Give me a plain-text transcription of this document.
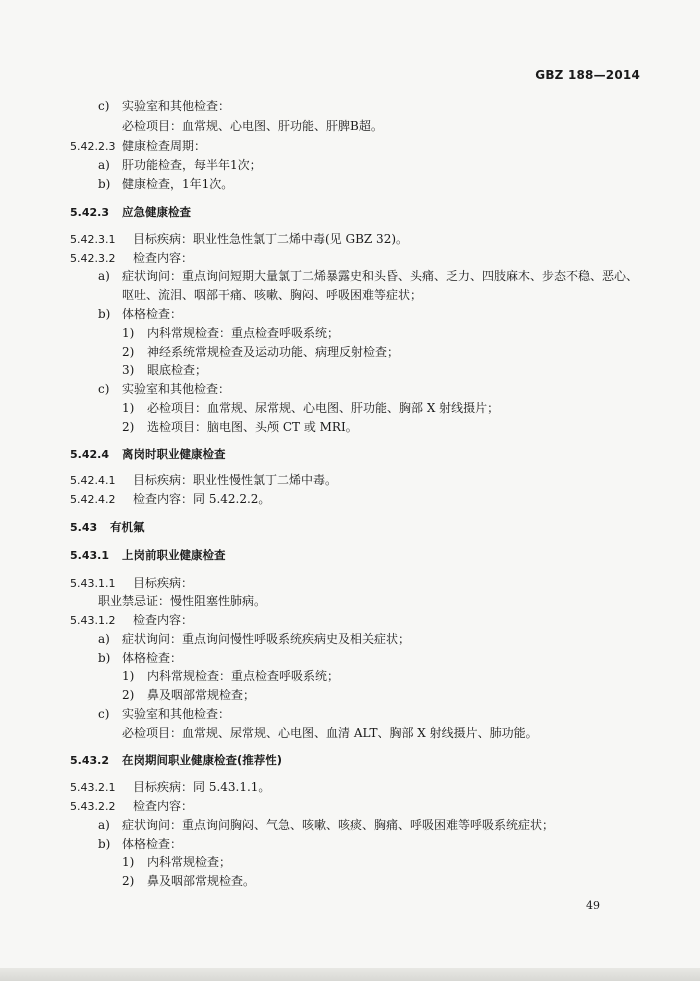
GBZ 188—2014
c) 实验室和其他检查：
必检项目：血常规、心电图、肝功能、肝脾B超。
5.42.2.3 健康检查周期：
a) 肝功能检查，每半年1次；
b) 健康检查，1年1次。
5.42.3 应急健康检查
5.42.3.1 目标疾病：职业性急性氯丁二烯中毒(见 GBZ 32)。
5.42.3.2 检查内容：
a) 症状询问：重点询问短期大量氯丁二烯暴露史和头昏、头痛、乏力、四肢麻木、步态不稳、恶心、
呕吐、流泪、咽部干痛、咳嗽、胸闷、呼吸困难等症状；
b) 体格检查：
1) 内科常规检查：重点检查呼吸系统；
2) 神经系统常规检查及运动功能、病理反射检查；
3) 眼底检查；
c) 实验室和其他检查：
1) 必检项目：血常规、尿常规、心电图、肝功能、胸部 X 射线摄片；
2) 选检项目：脑电图、头颅 CT 或 MRI。
5.42.4 离岗时职业健康检查
5.42.4.1 目标疾病：职业性慢性氯丁二烯中毒。
5.42.4.2 检查内容：同 5.42.2.2。
5.43 有机氟
5.43.1 上岗前职业健康检查
5.43.1.1 目标疾病：
职业禁忌证：慢性阻塞性肺病。
5.43.1.2 检查内容：
a) 症状询问：重点询问慢性呼吸系统疾病史及相关症状；
b) 体格检查：
1) 内科常规检查：重点检查呼吸系统；
2) 鼻及咽部常规检查；
c) 实验室和其他检查：
必检项目：血常规、尿常规、心电图、血清 ALT、胸部 X 射线摄片、肺功能。
5.43.2 在岗期间职业健康检查(推荐性)
5.43.2.1 目标疾病：同 5.43.1.1。
5.43.2.2 检查内容：
a) 症状询问：重点询问胸闷、气急、咳嗽、咳痰、胸痛、呼吸困难等呼吸系统症状；
b) 体格检查：
1) 内科常规检查；
2) 鼻及咽部常规检查。
49
